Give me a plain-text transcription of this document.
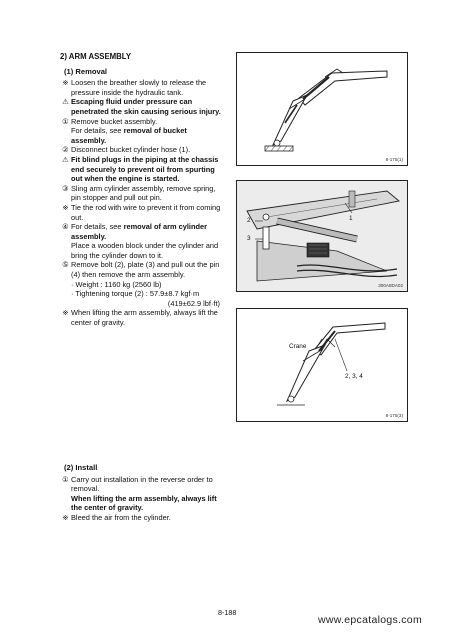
2) ARM ASSEMBLY
(1) Removal
※ Loosen the breather slowly to release the pressure inside the hydraulic tank.
⚠ Escaping fluid under pressure can penetrated the skin causing serious injury.
① Remove bucket assembly.
For details, see removal of bucket assembly.
② Disconnect bucket cylinder hose (1).
⚠ Fit blind plugs in the piping at the chassis end securely to prevent oil from spurting out when the engine is started.
③ Sling arm cylinder assembly, remove spring, pin stopper and pull out pin.
※ Tie the rod with wire to prevent it from coming out.
④ For details, see removal of arm cylinder assembly.
Place a wooden block under the cylinder and bring the cylinder down to it.
⑤ Remove bolt (2), plate (3) and pull out the pin (4) then remove the arm assembly.
· Weight : 1160 kg (2560 lb)
· Tightening torque (2) : 57.9±8.7 kgf·m
(419±62.9 lbf·ft)
※ When lifting the arm assembly, always lift the center of gravity.
(2) Install
① Carry out installation in the reverse order to removal.
When lifting the arm assembly, always lift the center of gravity.
※ Bleed the air from the cylinder.
8-175(1)
1
2
3
300A8DA02
Crane
2, 3, 4
8-175(3)
8-188
www.epcatalogs.com
